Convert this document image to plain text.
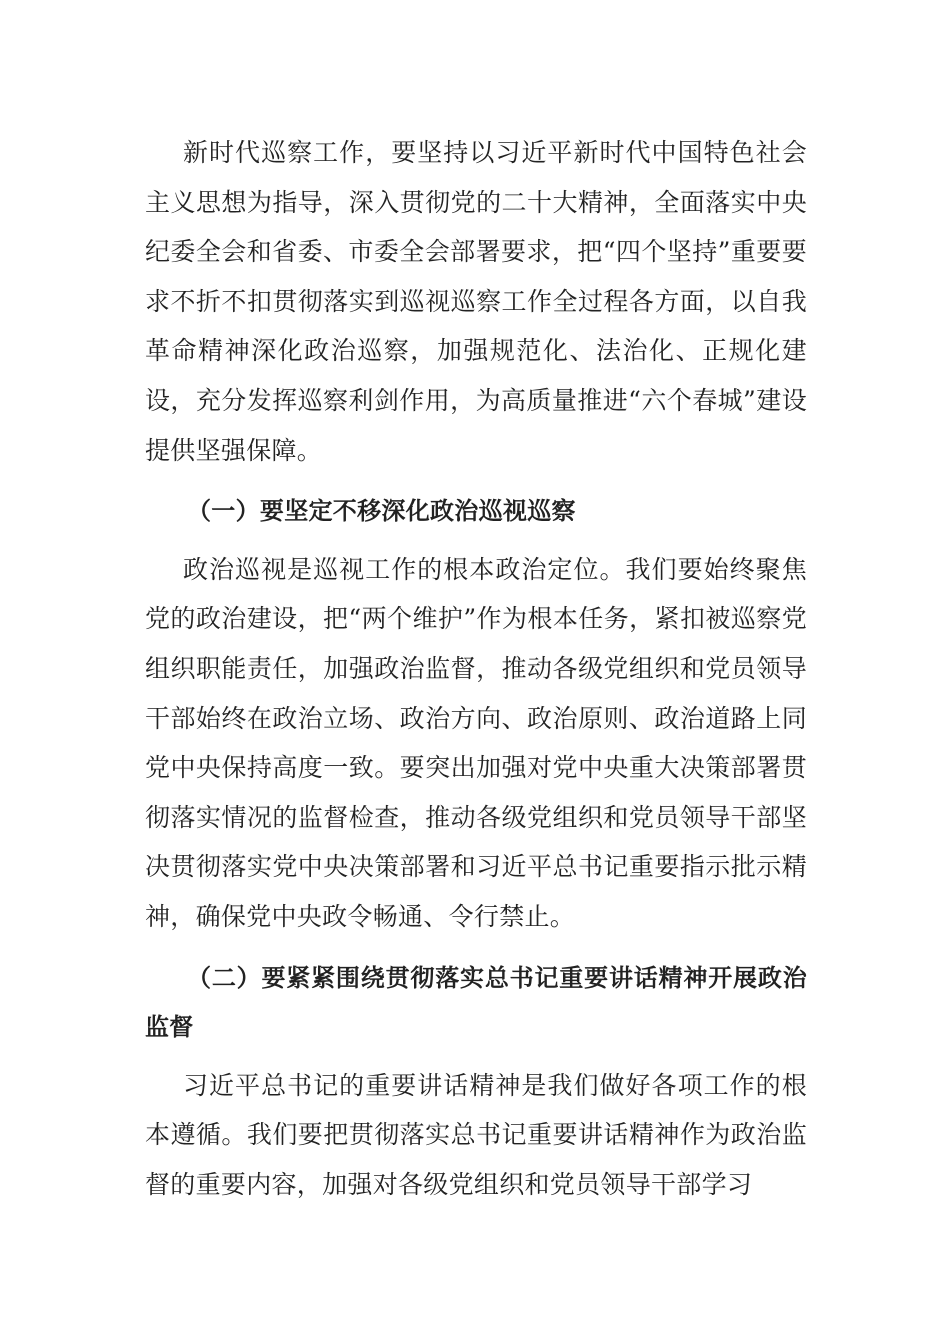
新时代巡察工作，要坚持以习近平新时代中国特色社会主义思想为指导，深入贯彻党的二十大精神，全面落实中央纪委全会和省委、市委全会部署要求，把“四个坚持”重要要求不折不扣贯彻落实到巡视巡察工作全过程各方面，以自我革命精神深化政治巡察，加强规范化、法治化、正规化建设，充分发挥巡察利剑作用，为高质量推进“六个春城”建设提供坚强保障。

（一）要坚定不移深化政治巡视巡察

政治巡视是巡视工作的根本政治定位。我们要始终聚焦党的政治建设，把“两个维护”作为根本任务，紧扣被巡察党组织职能责任，加强政治监督，推动各级党组织和党员领导干部始终在政治立场、政治方向、政治原则、政治道路上同党中央保持高度一致。要突出加强对党中央重大决策部署贯彻落实情况的监督检查，推动各级党组织和党员领导干部坚决贯彻落实党中央决策部署和习近平总书记重要指示批示精神，确保党中央政令畅通、令行禁止。

（二）要紧紧围绕贯彻落实总书记重要讲话精神开展政治监督

习近平总书记的重要讲话精神是我们做好各项工作的根本遵循。我们要把贯彻落实总书记重要讲话精神作为政治监督的重要内容，加强对各级党组织和党员领导干部学习
